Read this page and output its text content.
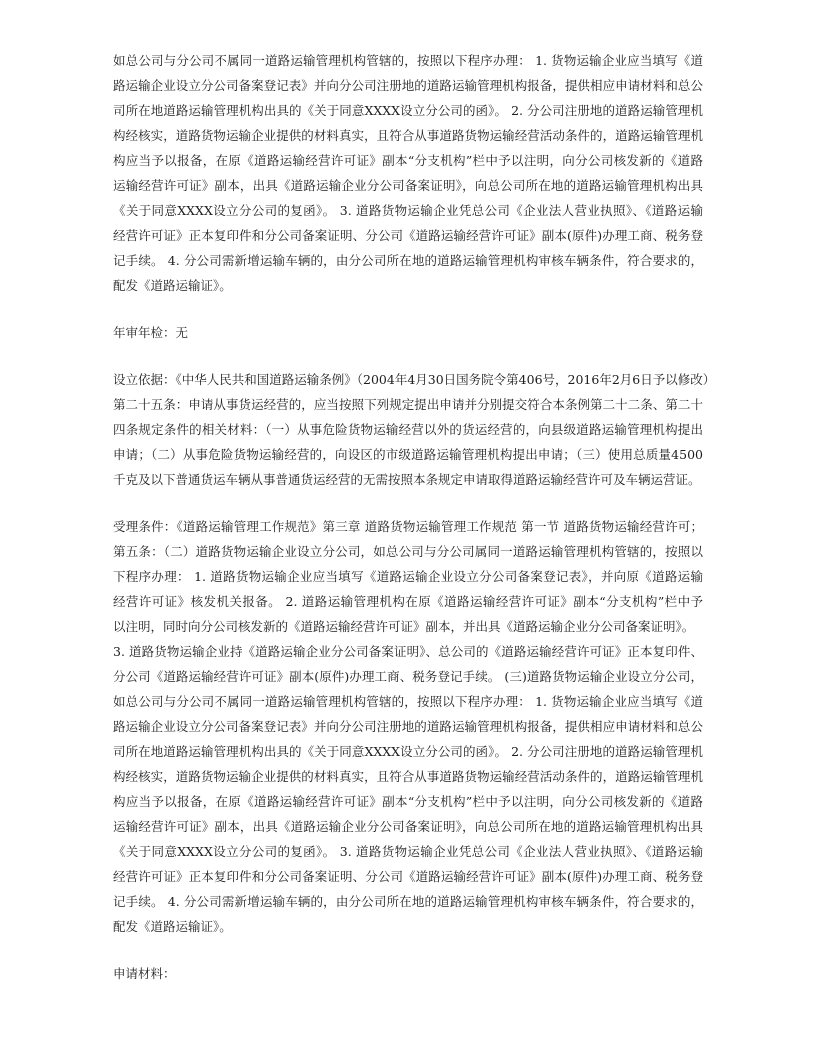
如总公司与分公司不属同一道路运输管理机构管辖的，按照以下程序办理： 1. 货物运输企业应当填写《道
路运输企业设立分公司备案登记表》并向分公司注册地的道路运输管理机构报备，提供相应申请材料和总公
司所在地道路运输管理机构出具的《关于同意XXXX设立分公司的函》。 2. 分公司注册地的道路运输管理机
构经核实，道路货物运输企业提供的材料真实，且符合从事道路货物运输经营活动条件的，道路运输管理机
构应当予以报备，在原《道路运输经营许可证》副本“分支机构”栏中予以注明，向分公司核发新的《道路
运输经营许可证》副本，出具《道路运输企业分公司备案证明》，向总公司所在地的道路运输管理机构出具
《关于同意XXXX设立分公司的复函》。 3. 道路货物运输企业凭总公司《企业法人营业执照》、《道路运输
经营许可证》正本复印件和分公司备案证明、分公司《道路运输经营许可证》副本(原件)办理工商、税务登
记手续。 4. 分公司需新增运输车辆的，由分公司所在地的道路运输管理机构审核车辆条件，符合要求的，
配发《道路运输证》。
年审年检：无
设立依据：《中华人民共和国道路运输条例》（2004年4月30日国务院令第406号，2016年2月6日予以修改）
第二十五条：申请从事货运经营的，应当按照下列规定提出申请并分别提交符合本条例第二十二条、第二十
四条规定条件的相关材料：（一）从事危险货物运输经营以外的货运经营的，向县级道路运输管理机构提出
申请；（二）从事危险货物运输经营的，向设区的市级道路运输管理机构提出申请；（三）使用总质量4500
千克及以下普通货运车辆从事普通货运经营的无需按照本条规定申请取得道路运输经营许可及车辆运营证。
受理条件：《道路运输管理工作规范》第三章 道路货物运输管理工作规范 第一节 道路货物运输经营许可；
第五条：（二）道路货物运输企业设立分公司，如总公司与分公司属同一道路运输管理机构管辖的，按照以
下程序办理： 1. 道路货物运输企业应当填写《道路运输企业设立分公司备案登记表》，并向原《道路运输
经营许可证》核发机关报备。 2. 道路运输管理机构在原《道路运输经营许可证》副本“分支机构”栏中予
以注明，同时向分公司核发新的《道路运输经营许可证》副本，并出具《道路运输企业分公司备案证明》。
3. 道路货物运输企业持《道路运输企业分公司备案证明》、总公司的《道路运输经营许可证》正本复印件、
分公司《道路运输经营许可证》副本(原件)办理工商、税务登记手续。 (三)道路货物运输企业设立分公司，
如总公司与分公司不属同一道路运输管理机构管辖的，按照以下程序办理： 1. 货物运输企业应当填写《道
路运输企业设立分公司备案登记表》并向分公司注册地的道路运输管理机构报备，提供相应申请材料和总公
司所在地道路运输管理机构出具的《关于同意XXXX设立分公司的函》。 2. 分公司注册地的道路运输管理机
构经核实，道路货物运输企业提供的材料真实，且符合从事道路货物运输经营活动条件的，道路运输管理机
构应当予以报备，在原《道路运输经营许可证》副本“分支机构”栏中予以注明，向分公司核发新的《道路
运输经营许可证》副本，出具《道路运输企业分公司备案证明》，向总公司所在地的道路运输管理机构出具
《关于同意XXXX设立分公司的复函》。 3. 道路货物运输企业凭总公司《企业法人营业执照》、《道路运输
经营许可证》正本复印件和分公司备案证明、分公司《道路运输经营许可证》副本(原件)办理工商、税务登
记手续。 4. 分公司需新增运输车辆的，由分公司所在地的道路运输管理机构审核车辆条件，符合要求的，
配发《道路运输证》。
申请材料：
